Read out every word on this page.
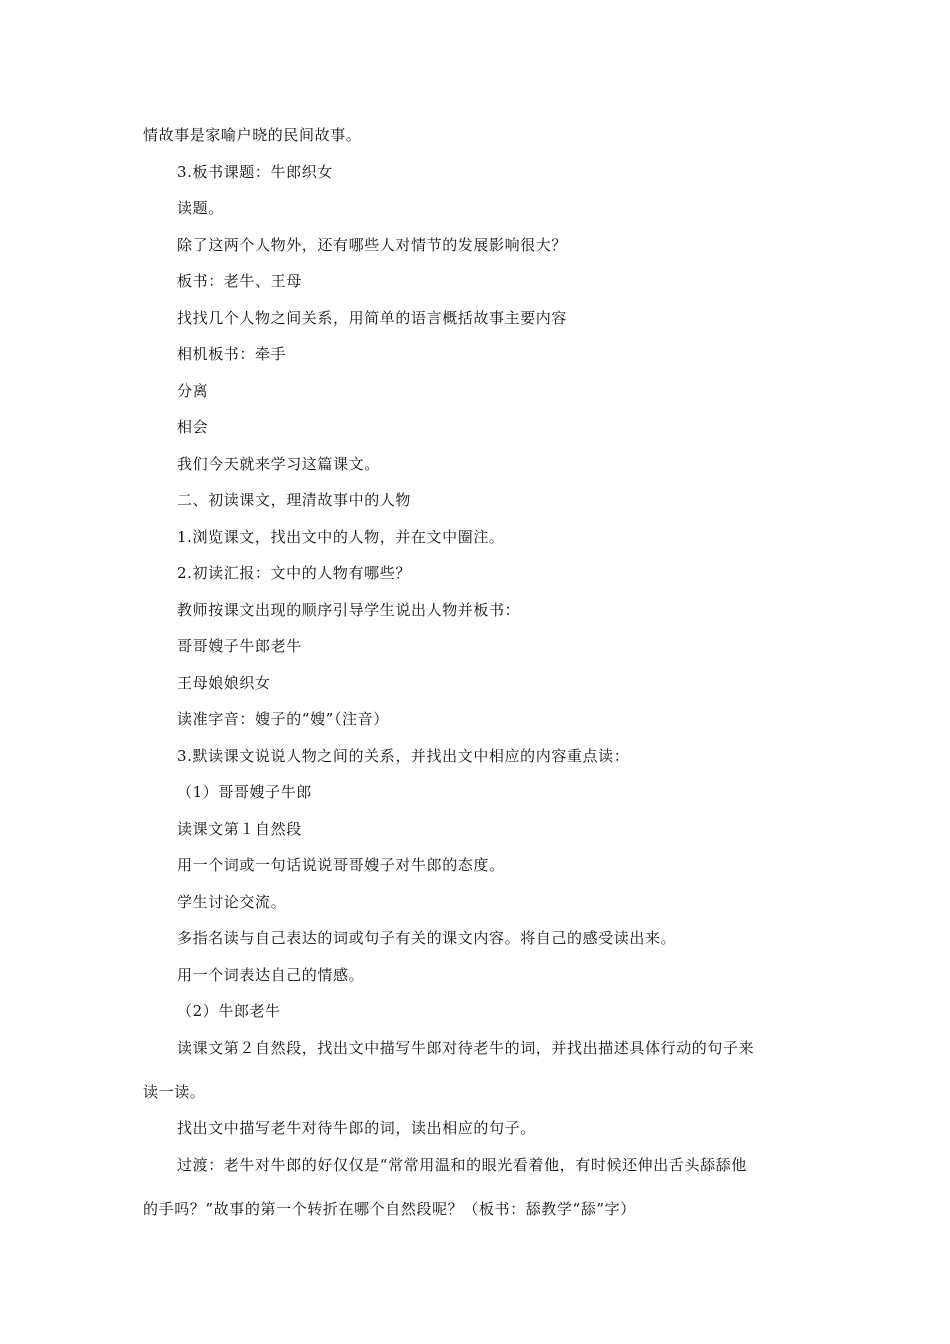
情故事是家喻户晓的民间故事。
3.板书课题：牛郎织女
读题。
除了这两个人物外，还有哪些人对情节的发展影响很大？
板书：老牛、王母
找找几个人物之间关系，用简单的语言概括故事主要内容
相机板书：牵手
分离
相会
我们今天就来学习这篇课文。
二、初读课文，理清故事中的人物
1.浏览课文，找出文中的人物，并在文中圈注。
2.初读汇报：文中的人物有哪些？
教师按课文出现的顺序引导学生说出人物并板书：
哥哥嫂子牛郎老牛
王母娘娘织女
读准字音：嫂子的“嫂”（注音）
3.默读课文说说人物之间的关系，并找出文中相应的内容重点读：
（1）哥哥嫂子牛郎
读课文第１自然段
用一个词或一句话说说哥哥嫂子对牛郎的态度。
学生讨论交流。
多指名读与自己表达的词或句子有关的课文内容。将自己的感受读出来。
用一个词表达自己的情感。
（2）牛郎老牛
读课文第２自然段，找出文中描写牛郎对待老牛的词，并找出描述具体行动的句子来
读一读。
找出文中描写老牛对待牛郎的词，读出相应的句子。
过渡：老牛对牛郎的好仅仅是“常常用温和的眼光看着他，有时候还伸出舌头舔舔他
的手吗？”故事的第一个转折在哪个自然段呢？（板书：舔教学“舔”字）
